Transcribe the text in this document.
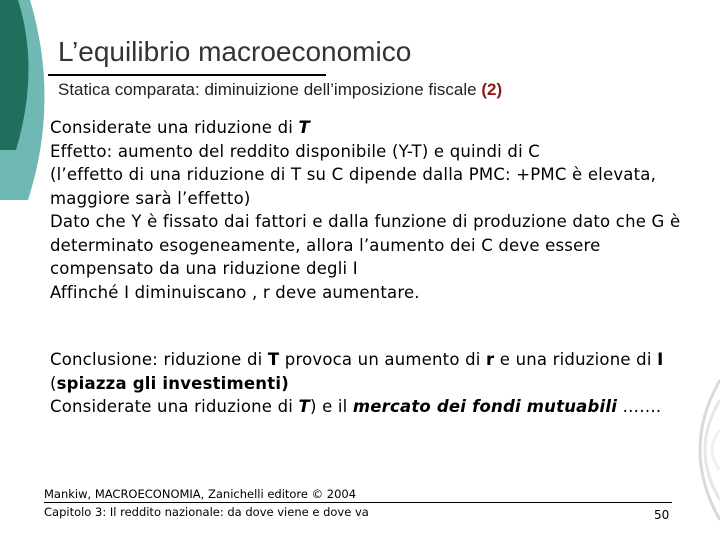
L’equilibrio macroeconomico
Statica comparata: diminuizione dell’imposizione fiscale (2)
Considerate una riduzione di T
Effetto: aumento del reddito disponibile (Y-T) e quindi di C
(l’effetto di una riduzione di T su C dipende dalla PMC: +PMC è elevata, maggiore sarà l’effetto)
Dato che Y è fissato dai fattori e dalla funzione di produzione dato che G è determinato esogeneamente, allora l’aumento dei C deve essere compensato da una riduzione degli I
Affinché I diminuiscano , r deve aumentare.
Conclusione: riduzione di T provoca un aumento di r e una riduzione di I (spiazza gli investimenti)
Considerate una riduzione di T) e il mercato dei fondi mutuabili …….
Mankiw, MACROECONOMIA, Zanichelli editore © 2004
Capitolo 3: Il reddito nazionale: da dove viene e dove va	50
